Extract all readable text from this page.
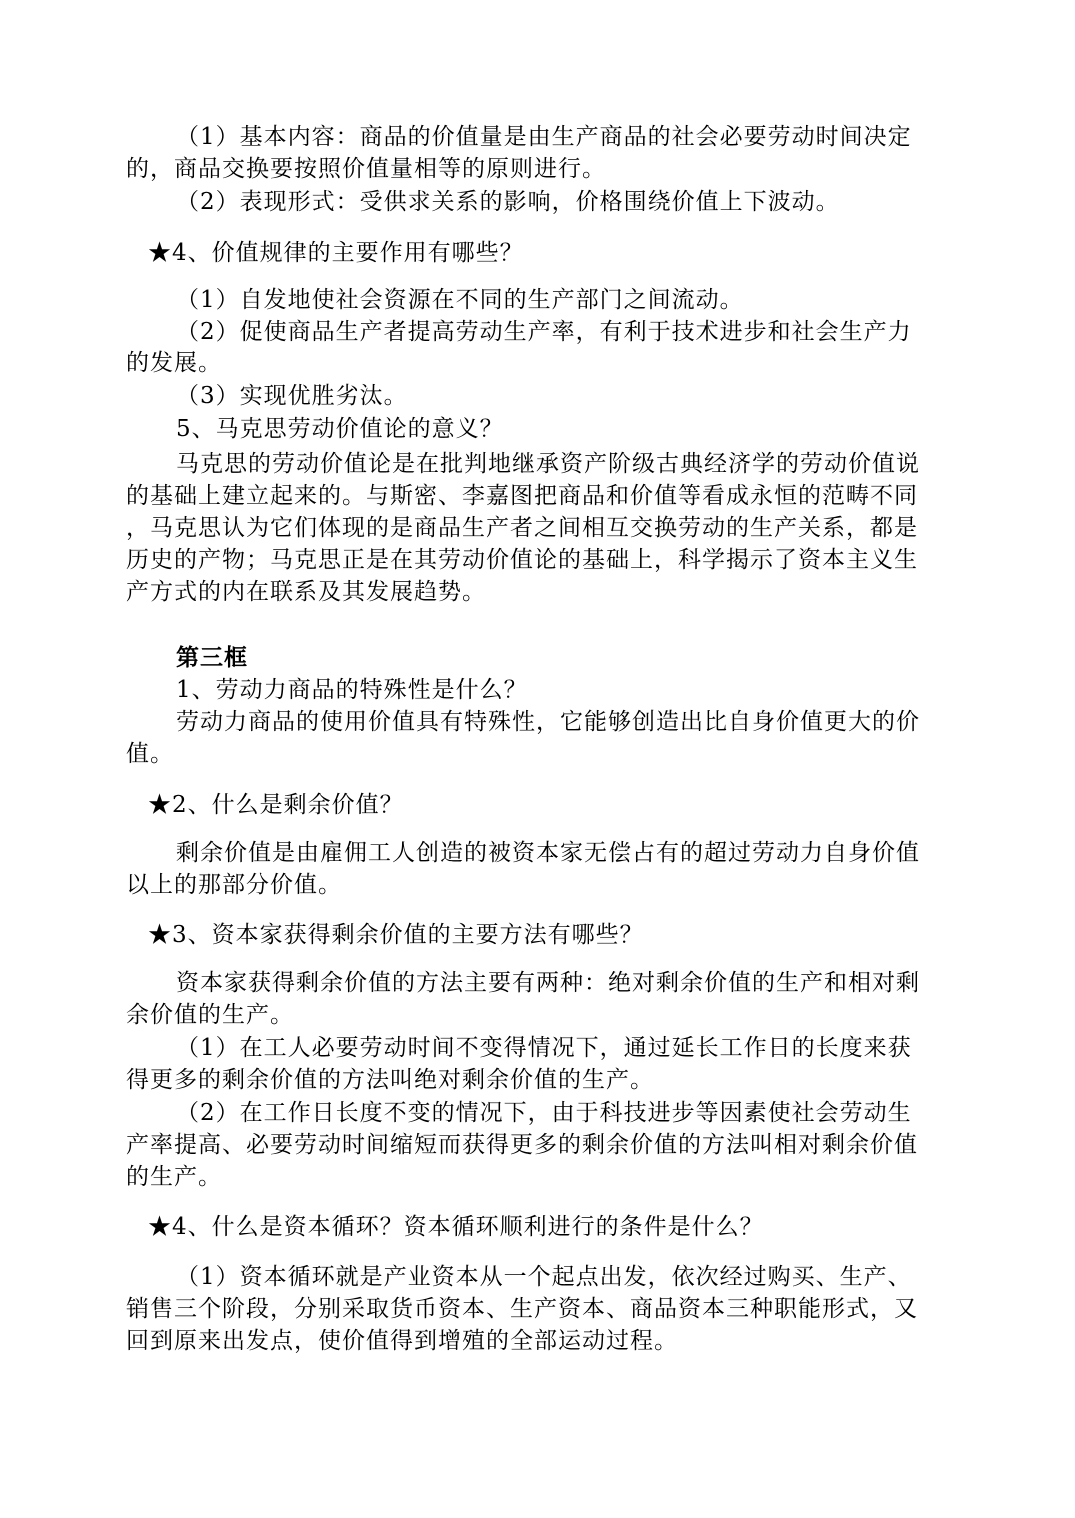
（1）基本内容：商品的价值量是由生产商品的社会必要劳动时间决定

的，商品交换要按照价值量相等的原则进行。

（2）表现形式：受供求关系的影响，价格围绕价值上下波动。

★4、价值规律的主要作用有哪些？

（1）自发地使社会资源在不同的生产部门之间流动。

（2）促使商品生产者提高劳动生产率，有利于技术进步和社会生产力

的发展。

（3）实现优胜劣汰。

5、马克思劳动价值论的意义？

马克思的劳动价值论是在批判地继承资产阶级古典经济学的劳动价值说

的基础上建立起来的。与斯密、李嘉图把商品和价值等看成永恒的范畴不同

，马克思认为它们体现的是商品生产者之间相互交换劳动的生产关系，都是

历史的产物；马克思正是在其劳动价值论的基础上，科学揭示了资本主义生

产方式的内在联系及其发展趋势。

第三框

1、劳动力商品的特殊性是什么？

劳动力商品的使用价值具有特殊性，它能够创造出比自身价值更大的价

值。

★2、什么是剩余价值？

剩余价值是由雇佣工人创造的被资本家无偿占有的超过劳动力自身价值

以上的那部分价值。

★3、资本家获得剩余价值的主要方法有哪些？

资本家获得剩余价值的方法主要有两种：绝对剩余价值的生产和相对剩

余价值的生产。

（1）在工人必要劳动时间不变得情况下，通过延长工作日的长度来获

得更多的剩余价值的方法叫绝对剩余价值的生产。

（2）在工作日长度不变的情况下，由于科技进步等因素使社会劳动生

产率提高、必要劳动时间缩短而获得更多的剩余价值的方法叫相对剩余价值

的生产。

★4、什么是资本循环？资本循环顺利进行的条件是什么？

（1）资本循环就是产业资本从一个起点出发，依次经过购买、生产、

销售三个阶段，分别采取货币资本、生产资本、商品资本三种职能形式，又

回到原来出发点，使价值得到增殖的全部运动过程。
